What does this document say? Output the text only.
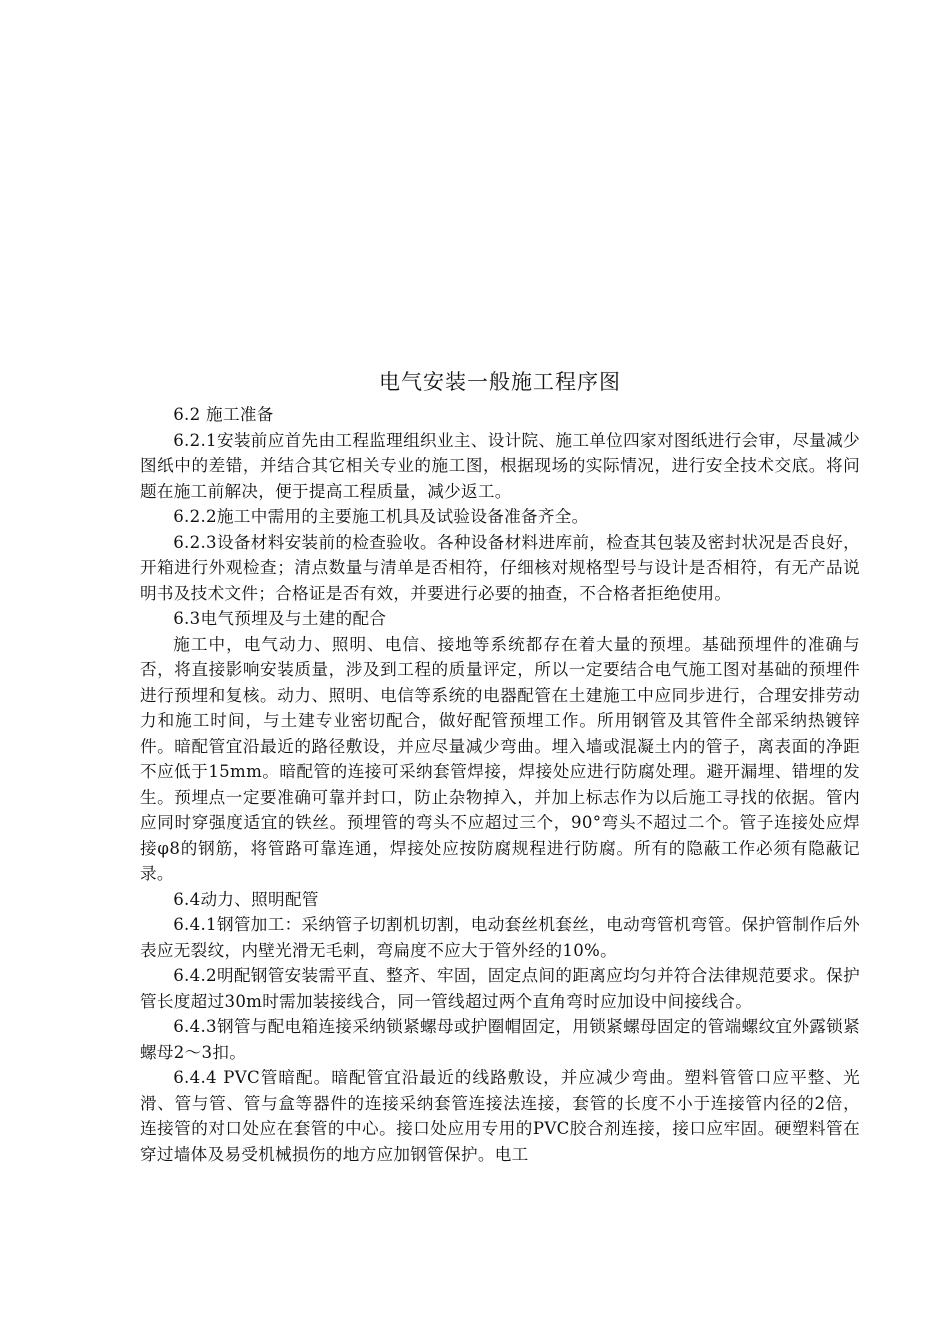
电气安装一般施工程序图

6.2 施工准备

6.2.1安装前应首先由工程监理组织业主、设计院、施工单位四家对图纸进行会审，尽量减少图纸中的差错，并结合其它相关专业的施工图，根据现场的实际情况，进行安全技术交底。将问题在施工前解决，便于提高工程质量，减少返工。

6.2.2施工中需用的主要施工机具及试验设备准备齐全。

6.2.3设备材料安装前的检查验收。各种设备材料进库前，检查其包装及密封状况是否良好，开箱进行外观检查；清点数量与清单是否相符，仔细核对规格型号与设计是否相符，有无产品说明书及技术文件；合格证是否有效，并要进行必要的抽查，不合格者拒绝使用。

6.3电气预埋及与土建的配合

施工中，电气动力、照明、电信、接地等系统都存在着大量的预埋。基础预埋件的准确与否，将直接影响安装质量，涉及到工程的质量评定，所以一定要结合电气施工图对基础的预埋件进行预埋和复核。动力、照明、电信等系统的电器配管在土建施工中应同步进行，合理安排劳动力和施工时间，与土建专业密切配合，做好配管预埋工作。所用钢管及其管件全部采纳热镀锌件。暗配管宜沿最近的路径敷设，并应尽量减少弯曲。埋入墙或混凝土内的管子，离表面的净距不应低于15mm。暗配管的连接可采纳套管焊接，焊接处应进行防腐处理。避开漏埋、错埋的发生。预埋点一定要准确可靠并封口，防止杂物掉入，并加上标志作为以后施工寻找的依据。管内应同时穿强度适宜的铁丝。预埋管的弯头不应超过三个，90°弯头不超过二个。管子连接处应焊接φ8的钢筋，将管路可靠连通，焊接处应按防腐规程进行防腐。所有的隐蔽工作必须有隐蔽记录。

6.4动力、照明配管

6.4.1钢管加工：采纳管子切割机切割，电动套丝机套丝，电动弯管机弯管。保护管制作后外表应无裂纹，内壁光滑无毛刺，弯扁度不应大于管外经的10%。

6.4.2明配钢管安装需平直、整齐、牢固，固定点间的距离应均匀并符合法律规范要求。保护管长度超过30m时需加装接线合，同一管线超过两个直角弯时应加设中间接线合。

6.4.3钢管与配电箱连接采纳锁紧螺母或护圈帽固定，用锁紧螺母固定的管端螺纹宜外露锁紧螺母2～3扣。

6.4.4 PVC管暗配。暗配管宜沿最近的线路敷设，并应减少弯曲。塑料管管口应平整、光滑、管与管、管与盒等器件的连接采纳套管连接法连接，套管的长度不小于连接管内径的2倍，连接管的对口处应在套管的中心。接口处应用专用的PVC胶合剂连接，接口应牢固。硬塑料管在穿过墙体及易受机械损伤的地方应加钢管保护。电工
